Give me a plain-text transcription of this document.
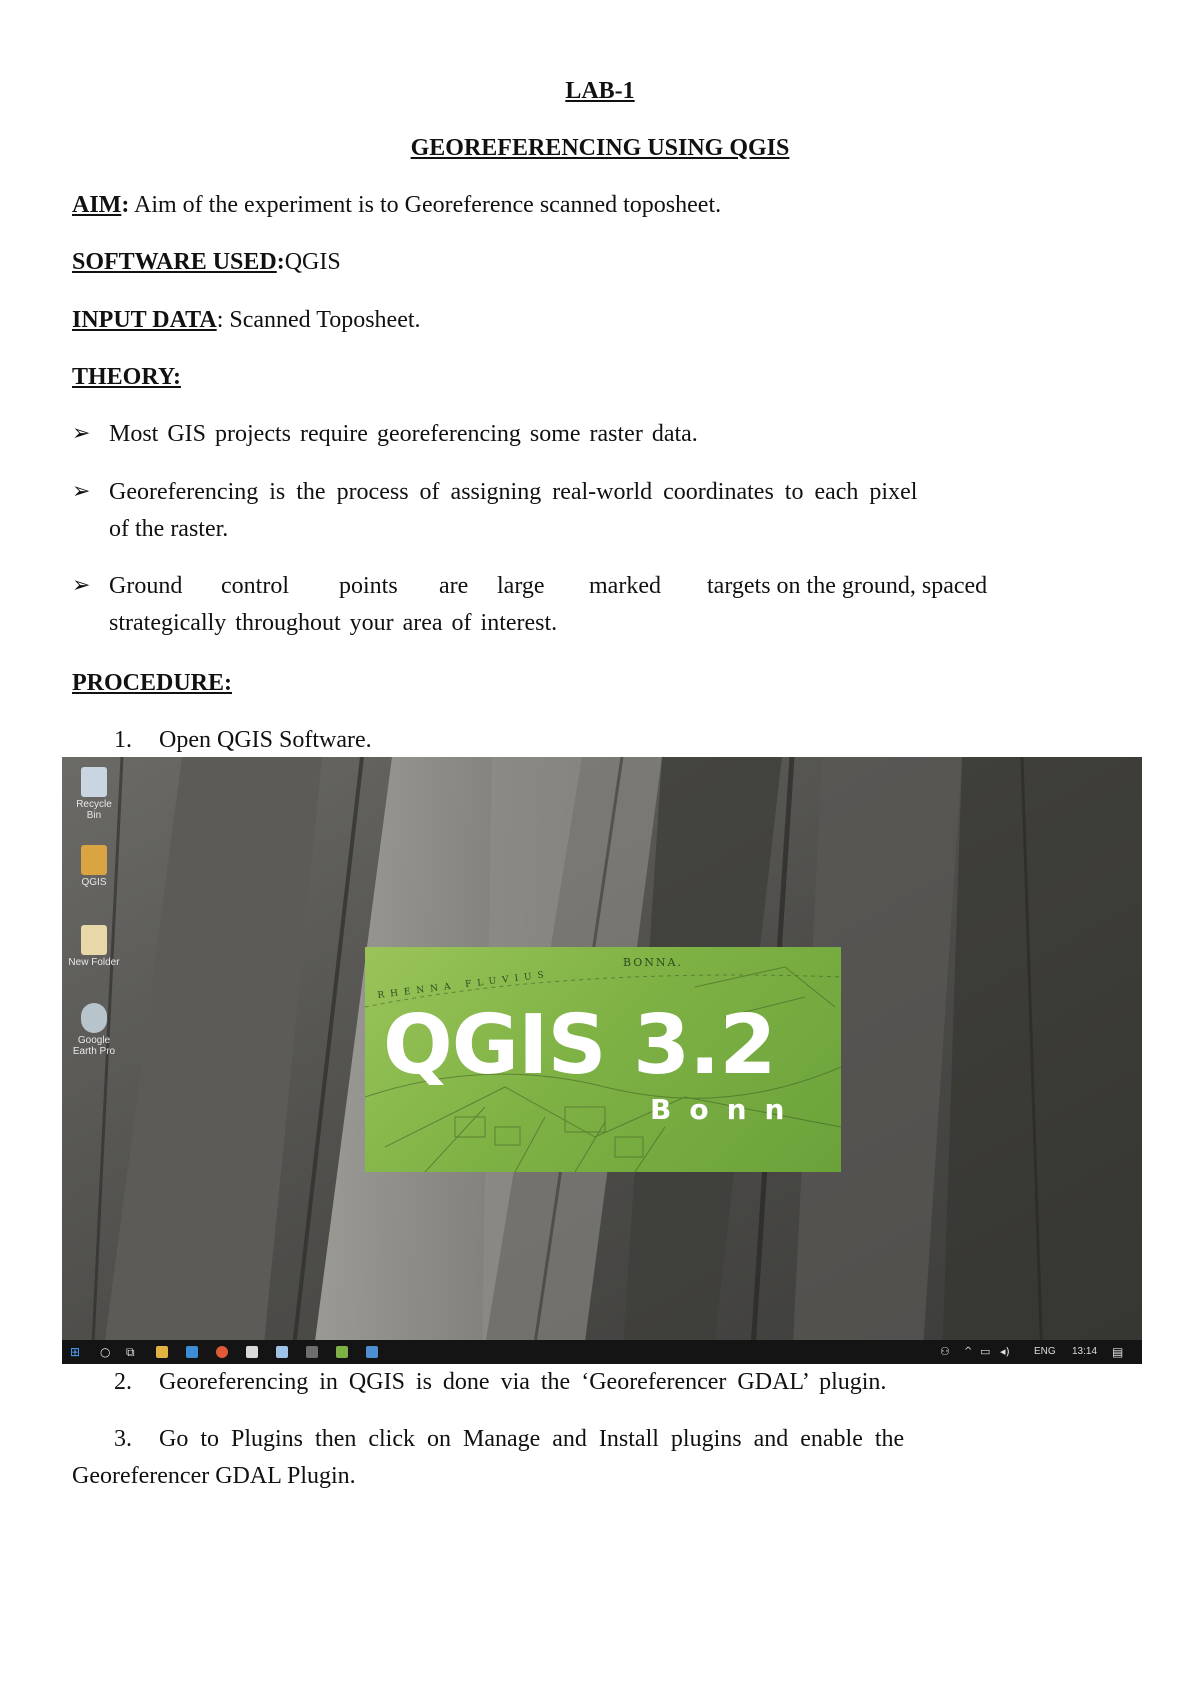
LAB-1
GEOREFERENCING USING QGIS
AIM: Aim of the experiment is to Georeference scanned toposheet.
SOFTWARE USED:QGIS
INPUT DATA: Scanned Toposheet.
THEORY:
➢ Most GIS projects require georeferencing some raster data.
➢ Georeferencing is the process of assigning real-world coordinates to each pixel
of the raster.
➢ Ground control points are large marked targets on the ground, spaced
strategically throughout your area of interest.
PROCEDURE:
1. Open QGIS Software.
Recycle Bin
QGIS
New Folder
Google Earth Pro
BONNA.
RHENNA FLUVIUS
QGIS 3.2
Bonn
⊞ ○ ⧉	⚇ ^ ▭ ◂) ENG 13:14 ▤
2. Georeferencing in QGIS is done via the ‘Georeferencer GDAL’ plugin.
3. Go to Plugins then click on Manage and Install plugins and enable the
Georeferencer GDAL Plugin.
